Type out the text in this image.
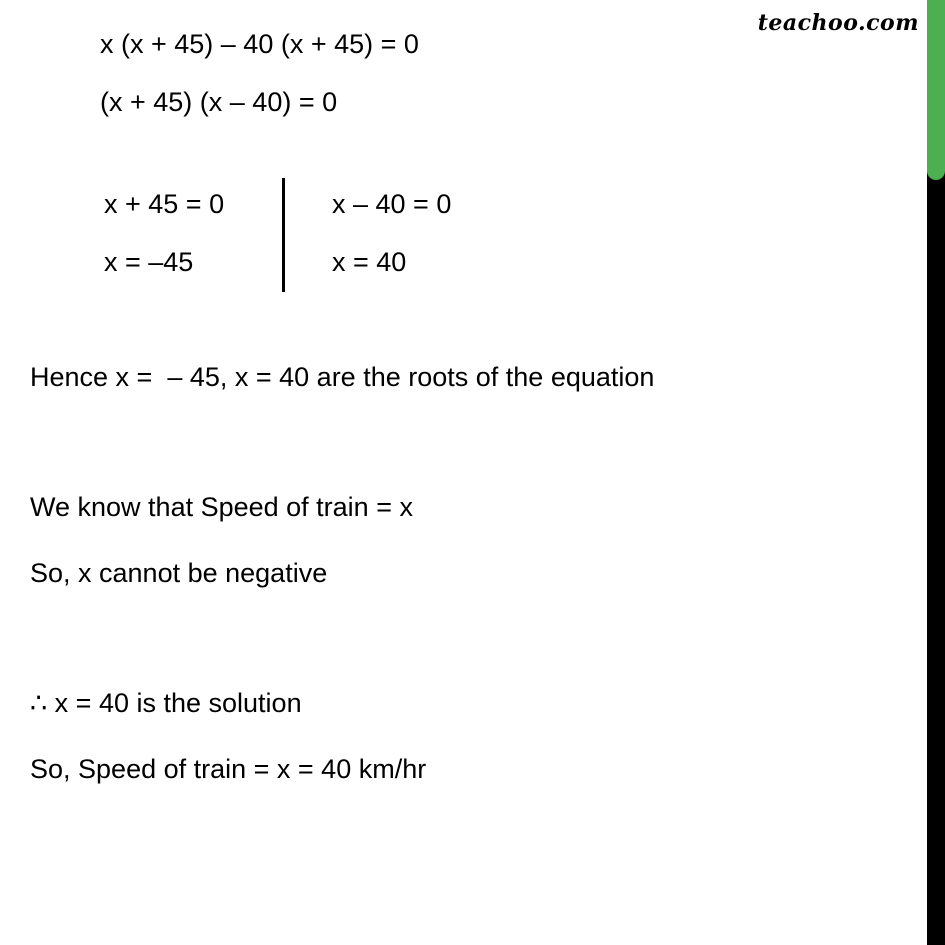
teachoo.com
x (x + 45) – 40 (x + 45) = 0
(x + 45) (x – 40) = 0
x + 45 = 0
x = –45
x – 40 = 0
x = 40
Hence x =  – 45, x = 40 are the roots of the equation
We know that Speed of train = x
So, x cannot be negative
∴ x = 40 is the solution
So, Speed of train = x = 40 km/hr
